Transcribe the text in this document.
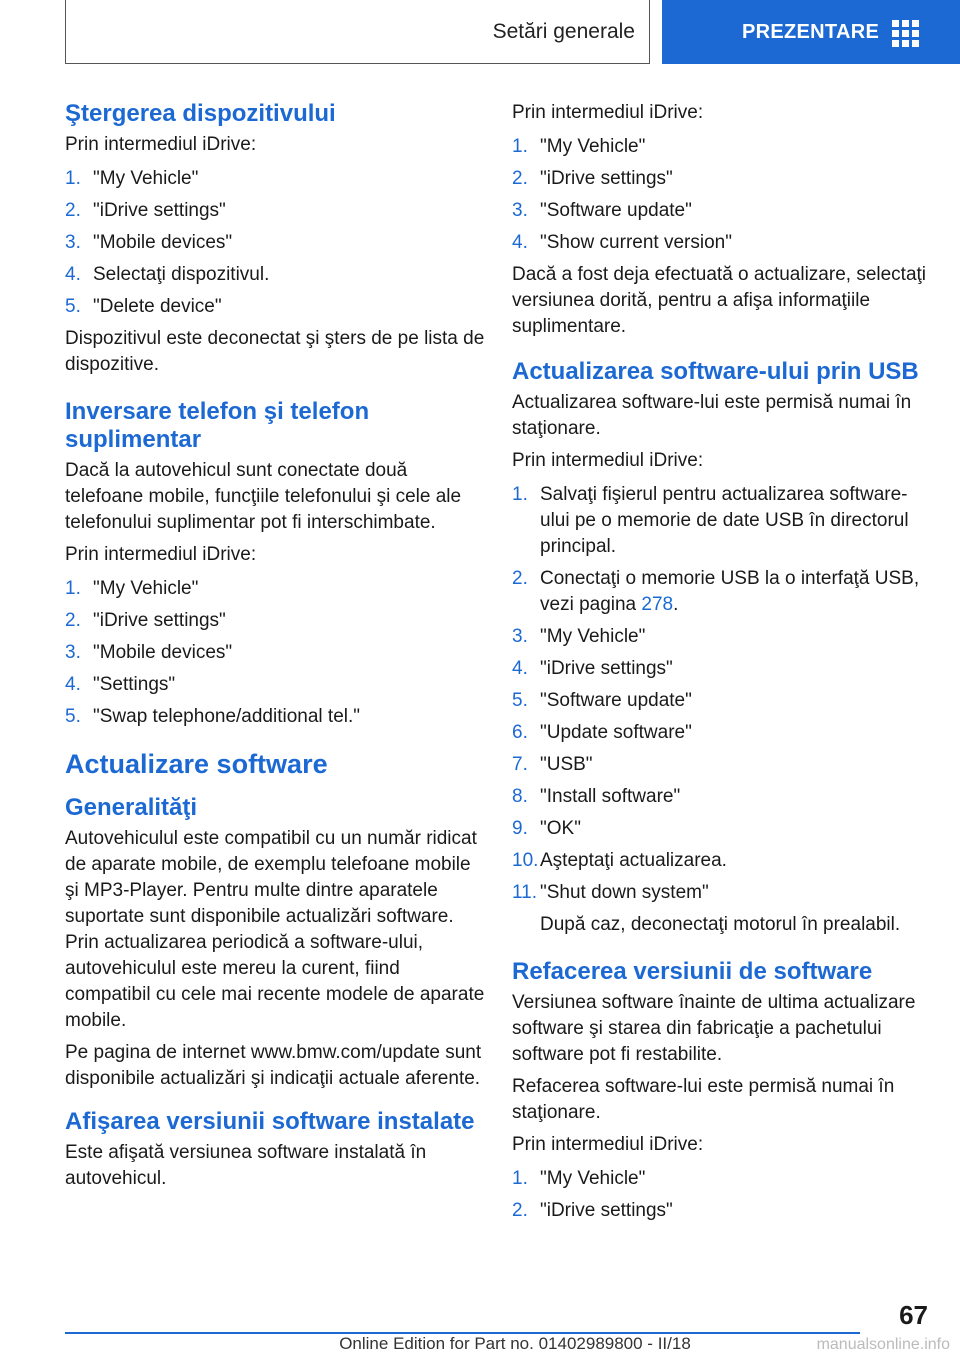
Setări generale	PREZENTARE
Ştergerea dispozitivului
Prin intermediul iDrive:
1. "My Vehicle"
2. "iDrive settings"
3. "Mobile devices"
4. Selectaţi dispozitivul.
5. "Delete device"
Dispozitivul este deconectat şi şters de pe lista de dispozitive.
Inversare telefon şi telefon suplimentar
Dacă la autovehicul sunt conectate două telefoane mobile, funcţiile telefonului şi cele ale telefonului suplimentar pot fi interschimbate.
Prin intermediul iDrive:
1. "My Vehicle"
2. "iDrive settings"
3. "Mobile devices"
4. "Settings"
5. "Swap telephone/additional tel."
Actualizare software
Generalităţi
Autovehiculul este compatibil cu un număr ridicat de aparate mobile, de exemplu telefoane mobile şi MP3-Player. Pentru multe dintre aparatele suportate sunt disponibile actualizări software. Prin actualizarea periodică a software-ului, autovehiculul este mereu la curent, fiind compatibil cu cele mai recente modele de aparate mobile.
Pe pagina de internet www.bmw.com/update sunt disponibile actualizări şi indicaţii actuale aferente.
Afişarea versiunii software instalate
Este afişată versiunea software instalată în autovehicul.
Prin intermediul iDrive:
1. "My Vehicle"
2. "iDrive settings"
3. "Software update"
4. "Show current version"
Dacă a fost deja efectuată o actualizare, selectaţi versiunea dorită, pentru a afişa informaţiile suplimentare.
Actualizarea software-ului prin USB
Actualizarea software-lui este permisă numai în staţionare.
Prin intermediul iDrive:
1. Salvaţi fişierul pentru actualizarea software-ului pe o memorie de date USB în directorul principal.
2. Conectaţi o memorie USB la o interfaţă USB, vezi pagina 278.
3. "My Vehicle"
4. "iDrive settings"
5. "Software update"
6. "Update software"
7. "USB"
8. "Install software"
9. "OK"
10. Aşteptaţi actualizarea.
11. "Shut down system"
După caz, deconectaţi motorul în prealabil.
Refacerea versiunii de software
Versiunea software înainte de ultima actualizare software şi starea din fabricaţie a pachetului software pot fi restabilite.
Refacerea software-lui este permisă numai în staţionare.
Prin intermediul iDrive:
1. "My Vehicle"
2. "iDrive settings"
67
Online Edition for Part no. 01402989800 - II/18	manualsonline.info
